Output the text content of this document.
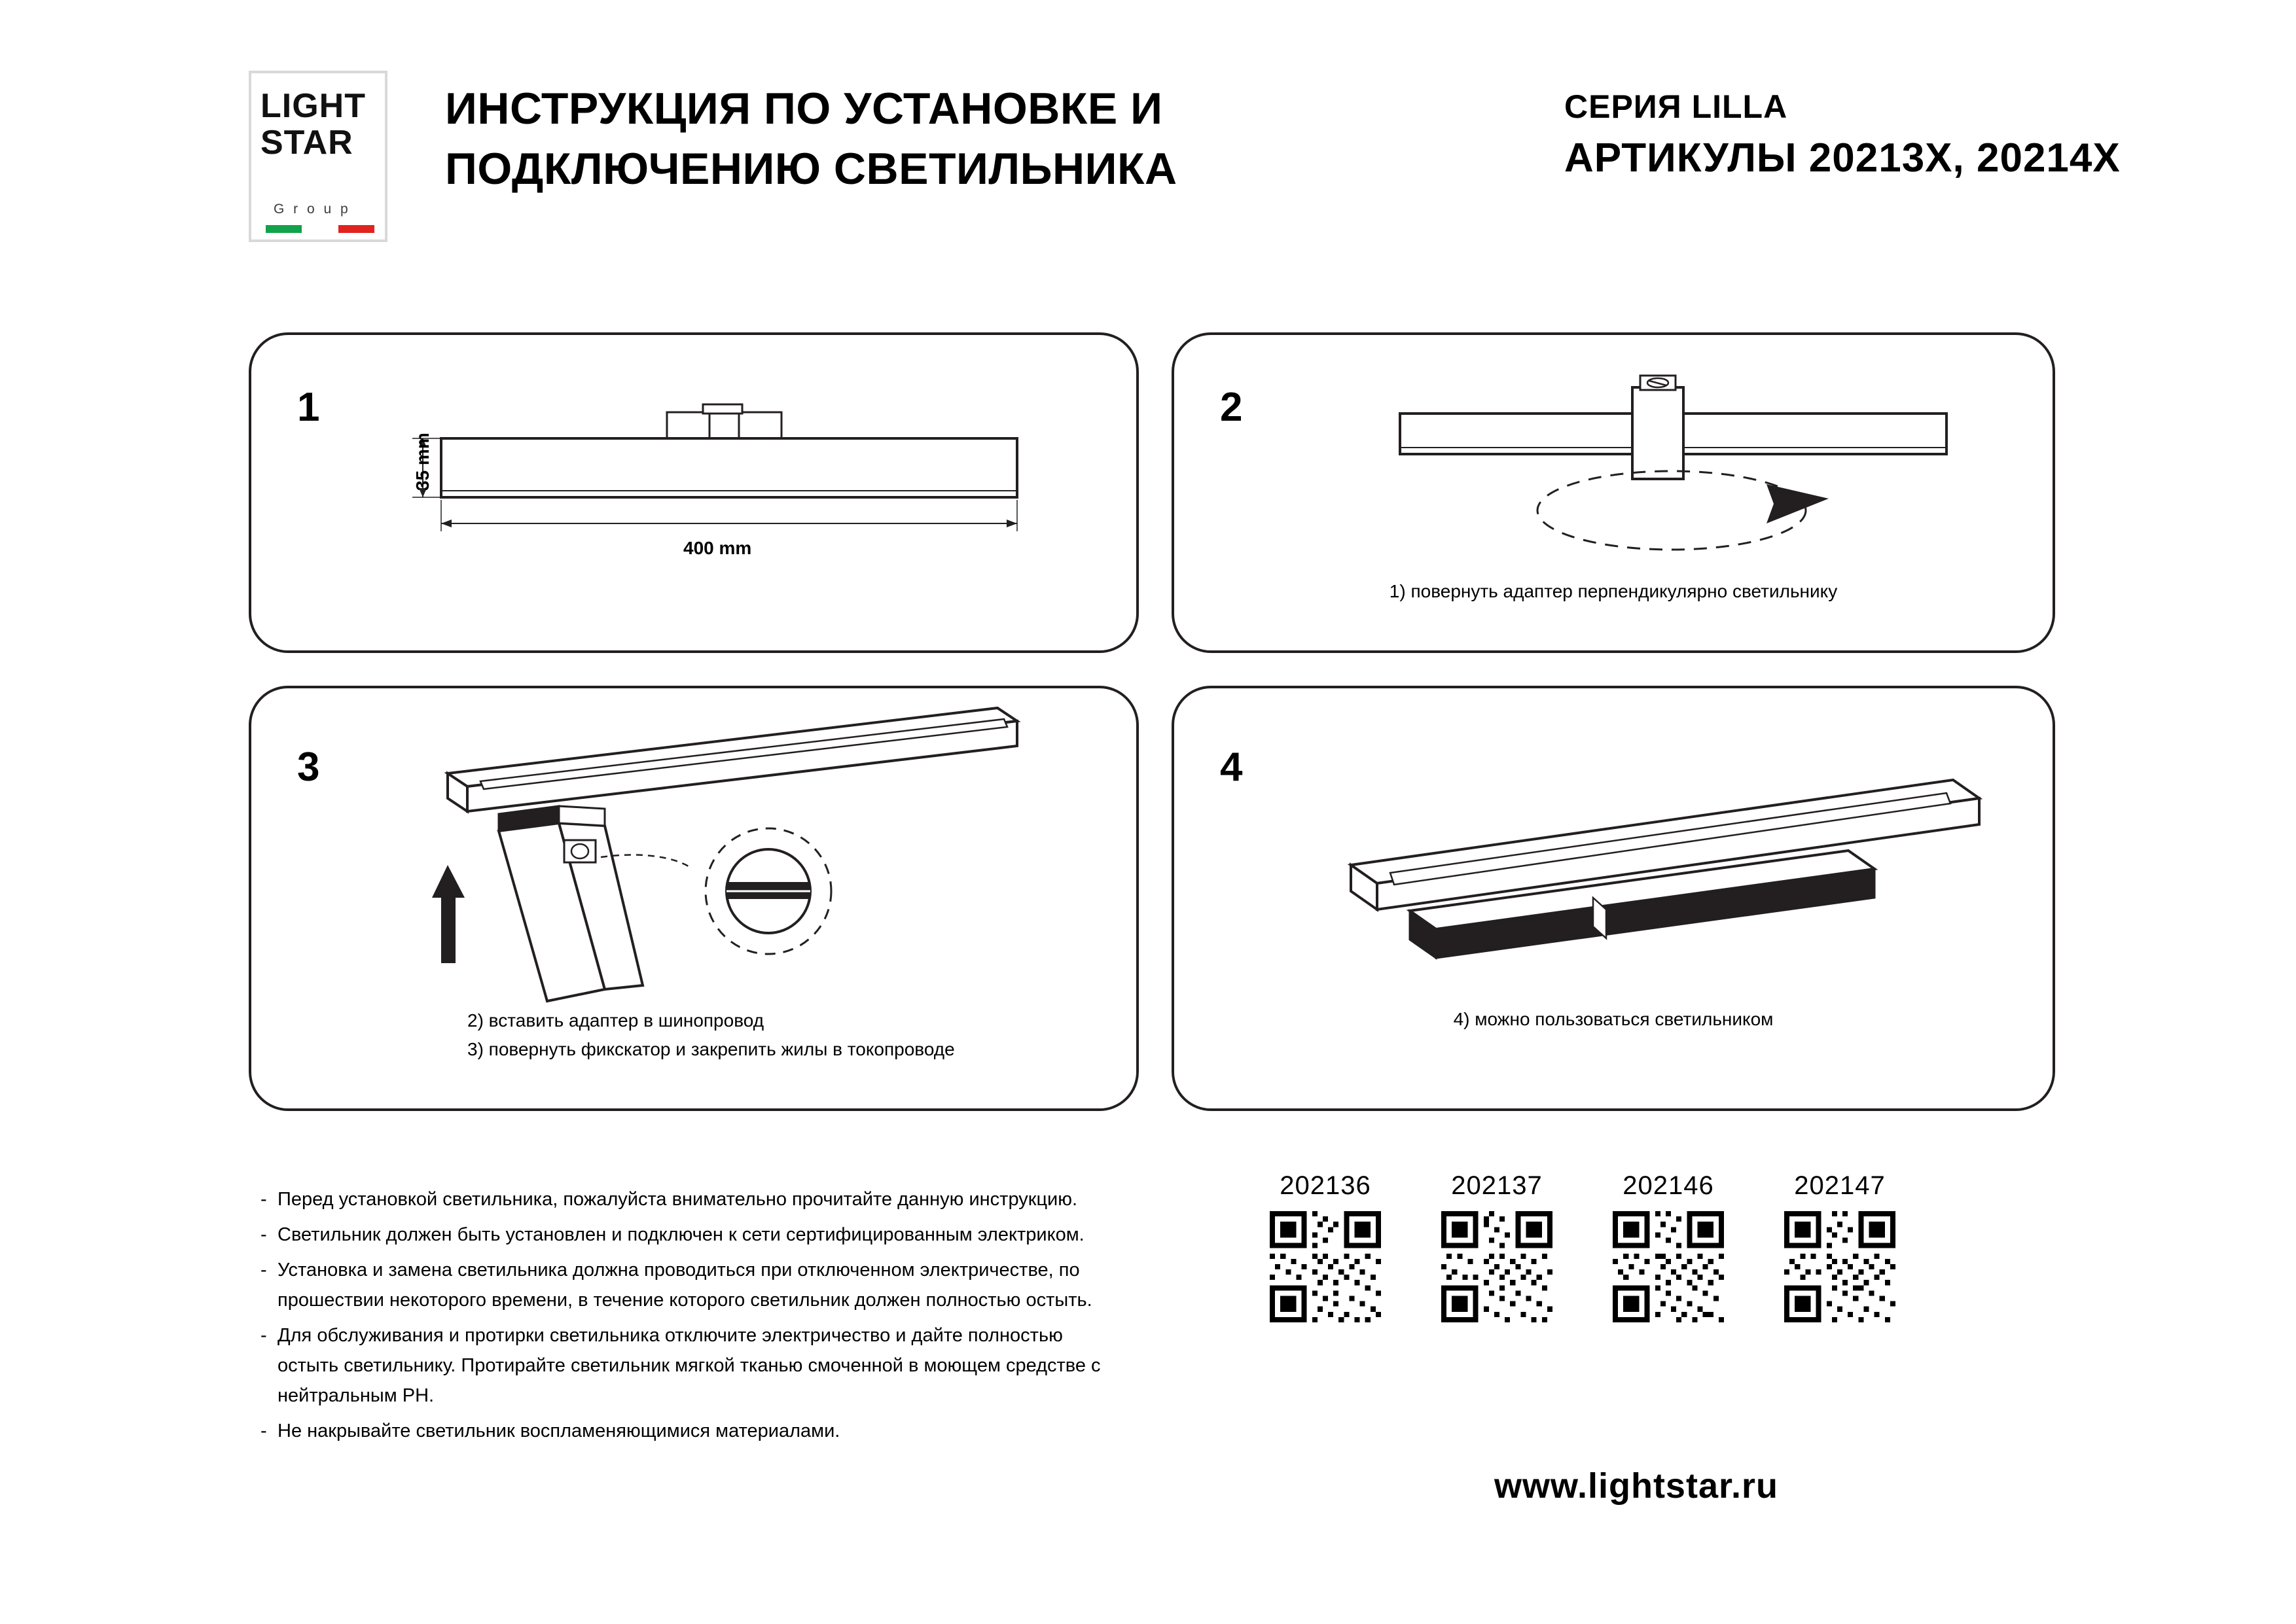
LIGHT
STAR
G r o u p
ИНСТРУКЦИЯ ПО УСТАНОВКЕ И ПОДКЛЮЧЕНИЮ СВЕТИЛЬНИКА
СЕРИЯ LILLA
АРТИКУЛЫ 20213Х, 20214Х
1
35 mm
400 mm
2
1) повернуть адаптер перпендикулярно светильнику
3
2) вставить адаптер в шинопровод
3) повернуть фикскатор и закрепить жилы в токопроводе
4
4) можно пользоваться светильником
- Перед установкой светильника, пожалуйста внимательно прочитайте данную инструкцию.
- Светильник должен быть установлен и подключен к сети сертифицированным электриком.
- Установка и замена светильника должна проводиться при отключенном электричестве, по прошествии некоторого времени, в течение которого светильник должен полностью остыть.
- Для обслуживания и протирки светильника отключите электричество и дайте полностью остыть светильнику. Протирайте светильник мягкой тканью смоченной в моющем средстве с нейтральным РН.
- Не накрывайте светильник воспламеняющимися материалами.
202136	202137	202146	202147
www.lightstar.ru
